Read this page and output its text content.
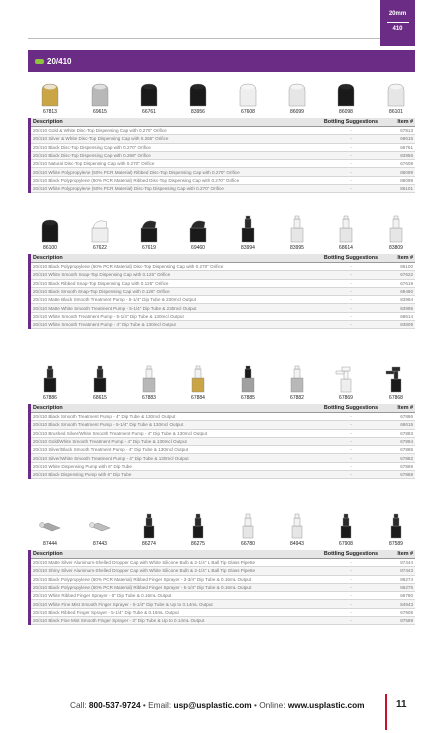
20mm
410
20/410
67813	69615	66761	83956	67608	86099	86098	86101
Description	Bottling Suggestions	Item #
20/410 Gold & White Disc-Top Dispensing Cap with 0.270" Orifice	-	67813
20/410 Silver & White Disc-Top Dispensing Cap with 0.265" Orifice	-	69615
20/410 Black Disc-Top Dispensing Cap with 0.270" Orifice	-	66761
20/410 Black Disc-Top Dispensing Cap with 0.268" Orifice	-	83956
20/410 Natural Disc-Top Dispensing Cap with 0.270" Orifice	-	67608
20/410 White Polypropylene (50% PCR Material) Ribbed Disc-Top Dispensing Cap with 0.270" Orifice	-	86099
20/410 Black Polypropylene (50% PCR Material) Ribbed Disc-Top Dispensing Cap with 0.270" Orifice	-	86098
20/410 White Polypropylene (50% PCR Material) Disc-Top Dispensing Cap with 0.270" Orifice	-	86101
86100	67622	67619	69460	83994	83995	68614	83809
Description	Bottling Suggestions	Item #
20/410 Black Polypropylene (50% PCR Material) Disc-Top Dispensing Cap with 0.270" Orifice	-	86100
20/410 White Smooth Snap-Top Dispensing Cap with 0.125" Orifice	-	67622
20/410 Black Ribbed Snap-Top Dispensing Cap with 0.125" Orifice	-	67619
20/410 Black Smooth Snap-Top Dispensing Cap with 0.126" Orifice	-	69460
20/410 Matte Black Smooth Treatment Pump - 5-1/4" Dip Tube & 230mcl Output	-	83994
20/410 Matte White Smooth Treatment Pump - 5-1/4" Dip Tube & 230mcl Output	-	83995
20/410 White Smooth Treatment Pump - 5-1/4" Dip Tube & 130mcl Output	-	68614
20/410 White Smooth Treatment Pump - 4" Dip Tube & 130mcl Output	-	83809
67886	68615	67883	67884	67885	67882	67869	67868
Description	Bottling Suggestions	Item #
20/410 Black Smooth Treatment Pump - 4" Dip Tube & 130mcl Output	-	67886
20/410 Black Smooth Treatment Pump - 5-1/4" Dip Tube & 130mcl Output	-	68615
20/410 Brushed Silver/White Smooth Treatment Pump - 4" Dip Tube & 130mcl Output	-	67883
20/410 Gold/White Smooth Treatment Pump - 4" Dip Tube & 130mcl Output	-	67884
20/410 Silver/Black Smooth Treatment Pump - 4" Dip Tube & 130mcl Output	-	67885
20/410 Silver/White Smooth Treatment Pump - 4" Dip Tube & 130mcl Output	-	67882
20/410 White Dispensing Pump with 6" Dip Tube	-	67869
20/410 Black Dispensing Pump with 6" Dip Tube	-	67868
87444	87443	86274	86275	66780	84943	67908	87589
Description	Bottling Suggestions	Item #
20/410 Matte Silver Aluminum-Shelled Dropper Cap with White Silicone Bulb & 2-1/4" L Ball Tip Glass Pipette	-	87444
20/410 Shiny Silver Aluminum-Shelled Dropper Cap with White Silicone Bulb & 2-1/4" L Ball Tip Glass Pipette	-	87443
20/410 Black Polypropylene (50% PCR Material) Ribbed Finger Sprayer - 3-3/4" Dip Tube & 0.16mL Output	-	86274
20/410 Black Polypropylene (50% PCR Material) Ribbed Finger Sprayer - 5-1/4" Dip Tube & 0.16mL Output	-	86275
20/410 White Ribbed Finger Sprayer - 6" Dip Tube & 0.16mL Output	-	66780
20/410 White Fine Mist Smooth Finger Sprayer - 5-1/4" Dip Tube & Up to 0.14mL Output	-	84943
20/410 Black Ribbed Finger Sprayer - 5-1/4" Dip Tube & 0.16mL Output	-	67908
20/410 Black Fine Mist Smooth Finger Sprayer - 3" Dip Tube & Up to 0.14mL Output	-	87589
Call: 800-537-9724 • Email: usp@usplastic.com • Online: www.usplastic.com	11
